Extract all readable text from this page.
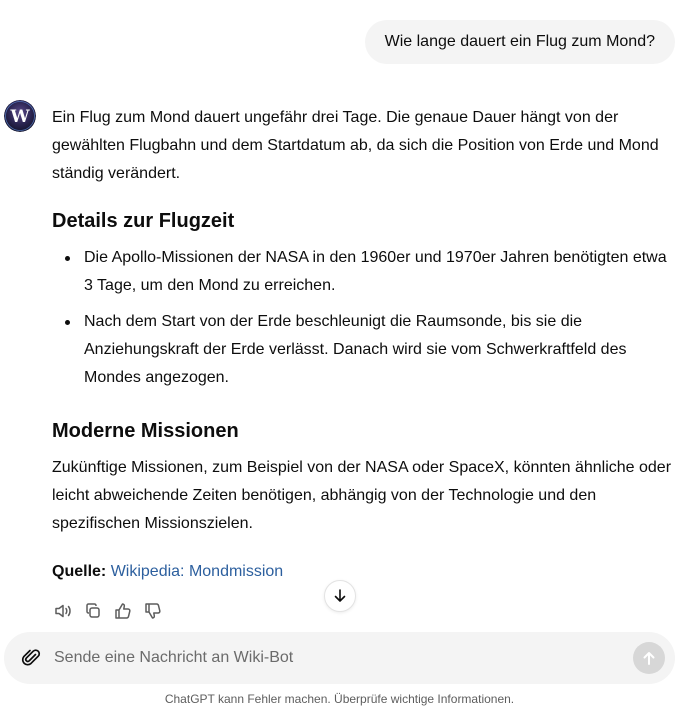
Wie lange dauert ein Flug zum Mond?
W Ein Flug zum Mond dauert ungefähr drei Tage. Die genaue Dauer hängt von der gewählten Flugbahn und dem Startdatum ab, da sich die Position von Erde und Mond ständig verändert.

Details zur Flugzeit
Die Apollo-Missionen der NASA in den 1960er und 1970er Jahren benötigten etwa 3 Tage, um den Mond zu erreichen.
Nach dem Start von der Erde beschleunigt die Raumsonde, bis sie die Anziehungskraft der Erde verlässt. Danach wird sie vom Schwerkraftfeld des Mondes angezogen.
Moderne Missionen

Zukünftige Missionen, zum Beispiel von der NASA oder SpaceX, könnten ähnliche oder leicht abweichende Zeiten benötigen, abhängig von der Technologie und den spezifischen Missionszielen.

Quelle: Wikipedia: Mondmission

Sende eine Nachricht an Wiki-Bot
ChatGPT kann Fehler machen. Überprüfe wichtige Informationen.
